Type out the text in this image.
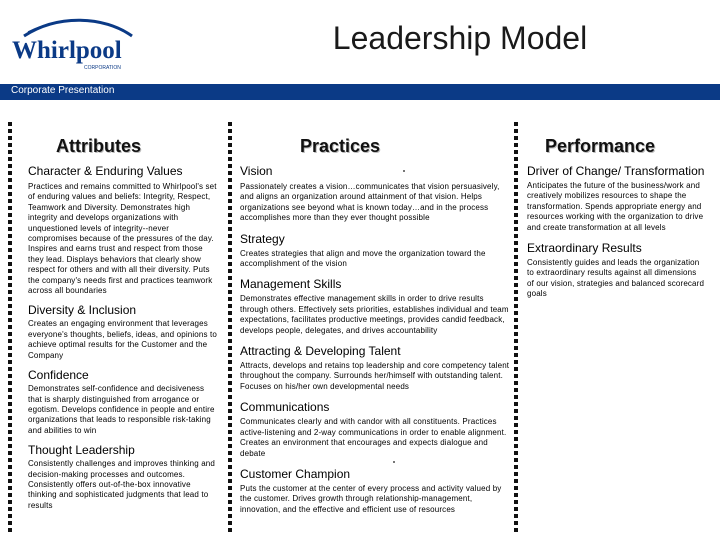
Whirlpool
CORPORATION
Leadership Model
Corporate Presentation
Attributes	Practices	Performance
Character & Enduring Values
Practices and remains committed to Whirlpool's set of enduring values and beliefs: Integrity, Respect, Teamwork and Diversity. Demonstrates high integrity and develops organizations with unquestioned levels of integrity--never compromises because of the pressures of the day. Inspires and earns trust and respect from those they lead. Displays behaviors that clearly show respect for others and with all their diversity. Puts the company's needs first and practices teamwork across all boundaries
Diversity & Inclusion
Creates an engaging environment that leverages everyone's thoughts, beliefs, ideas, and opinions to achieve optimal results for the Customer and the Company
Confidence
Demonstrates self-confidence and decisiveness that is sharply distinguished from arrogance or egotism. Develops confidence in people and entire organizations that leads to responsible risk-taking and abilities to win
Thought Leadership
Consistently challenges and improves thinking and decision-making processes and outcomes. Consistently offers out-of-the-box innovative thinking and sophisticated judgments that lead to results
Vision
Passionately creates a vision…communicates that vision persuasively, and aligns an organization around attainment of that vision. Helps organizations see beyond what is known today…and in the process accomplishes more than they ever thought possible
Strategy
Creates strategies that align and move the organization toward the accomplishment of the vision
Management Skills
Demonstrates effective management skills in order to drive results through others. Effectively sets priorities, establishes individual and team expectations, facilitates productive meetings, provides candid feedback, develops people, delegates, and drives accountability
Attracting & Developing Talent
Attracts, develops and retains top leadership and core competency talent throughout the company. Surrounds her/himself with outstanding talent. Focuses on his/her own developmental needs
Communications
Communicates clearly and with candor with all constituents. Practices active-listening and 2-way communications in order to enable alignment. Creates an environment that encourages and expects dialogue and debate
Customer Champion
Puts the customer at the center of every process and activity valued by the customer. Drives growth through relationship-management, innovation, and the effective and efficient use of resources
Driver of Change/ Transformation
Anticipates the future of the business/work and creatively mobilizes resources to shape the transformation. Spends appropriate energy and resources working with the organization to drive and create transformation at all levels
Extraordinary Results
Consistently guides and leads the organization to extraordinary results against all dimensions of our vision, strategies and balanced scorecard goals
